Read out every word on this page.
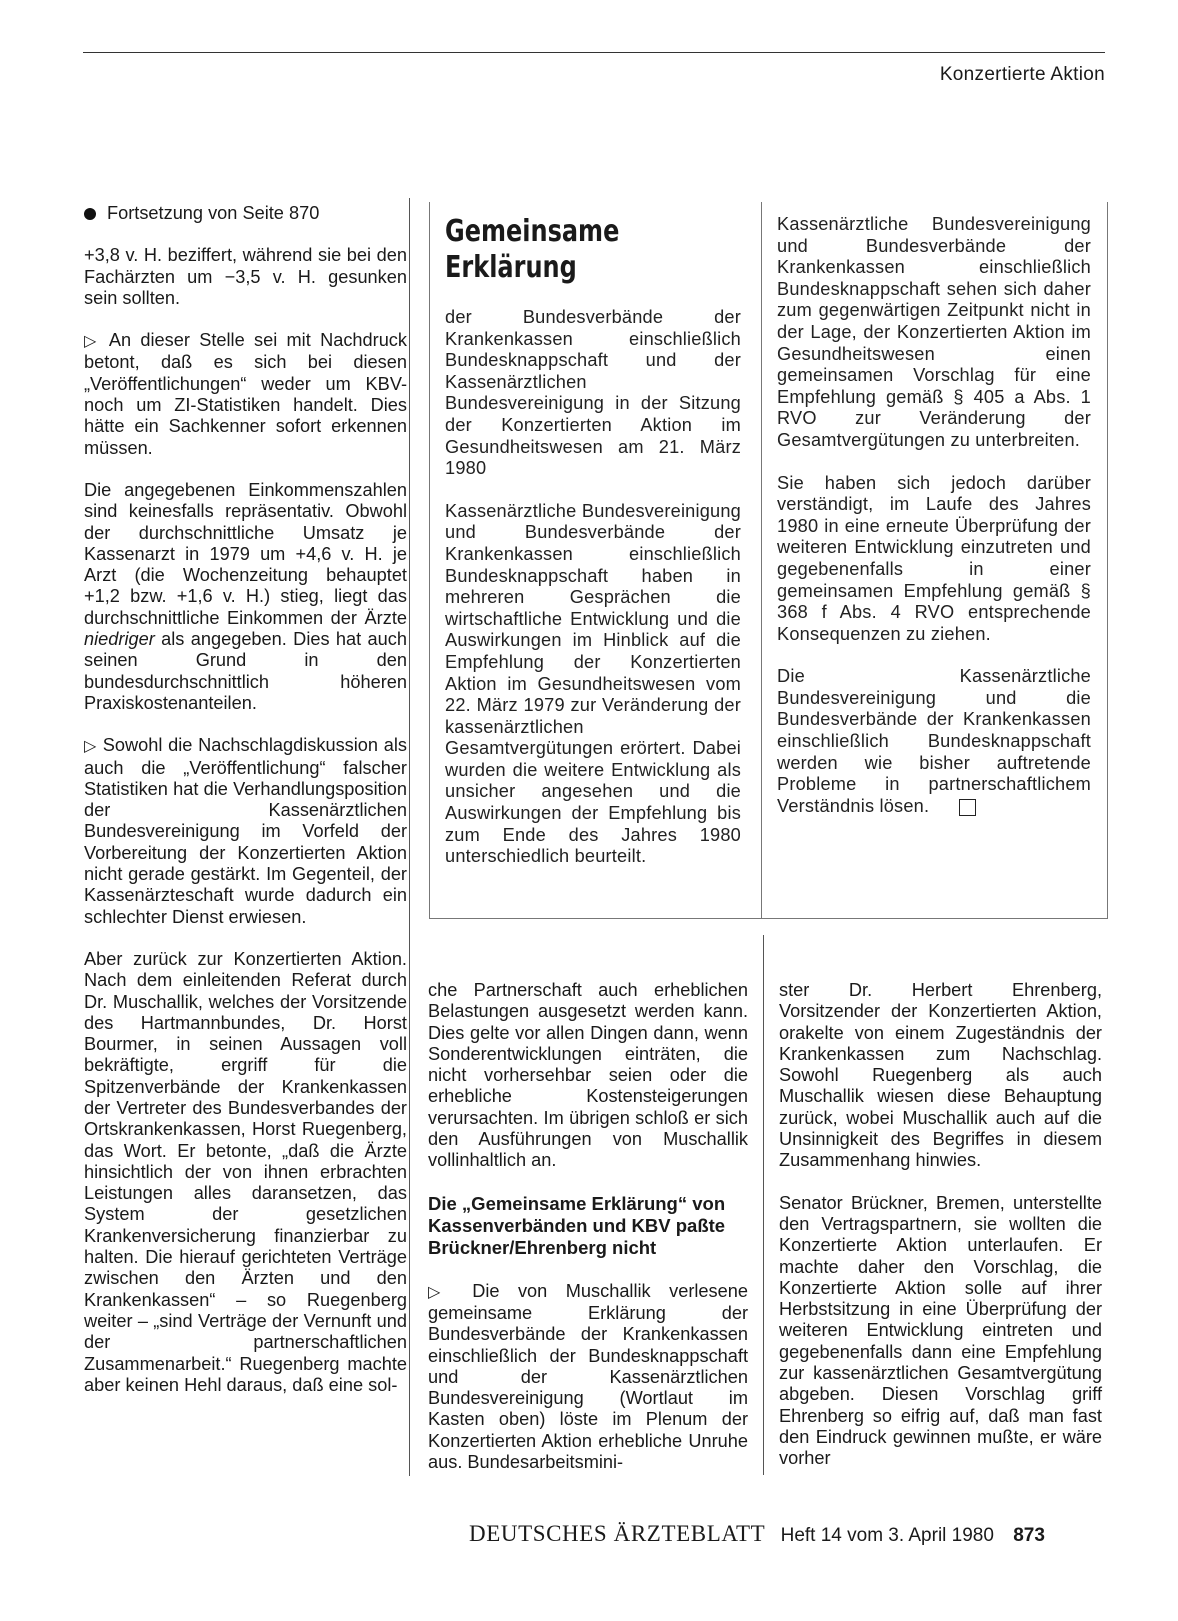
Konzertierte Aktion

Fortsetzung von Seite 870

+3,8 v. H. beziffert, während sie bei den Fachärzten um −3,5 v. H. gesunken sein sollten.

▷ An dieser Stelle sei mit Nachdruck betont, daß es sich bei diesen „Veröffentlichungen“ weder um KBV- noch um ZI-Statistiken handelt. Dies hätte ein Sachkenner sofort erkennen müssen.

Die angegebenen Einkommenszahlen sind keinesfalls repräsentativ. Obwohl der durchschnittliche Umsatz je Kassenarzt in 1979 um +4,6 v. H. je Arzt (die Wochenzeitung behauptet +1,2 bzw. +1,6 v. H.) stieg, liegt das durchschnittliche Einkommen der Ärzte niedriger als angegeben. Dies hat auch seinen Grund in den bundesdurchschnittlich höheren Praxiskostenanteilen.

▷ Sowohl die Nachschlagdiskussion als auch die „Veröffentlichung“ falscher Statistiken hat die Verhandlungsposition der Kassenärztlichen Bundesvereinigung im Vorfeld der Vorbereitung der Konzertierten Aktion nicht gerade gestärkt. Im Gegenteil, der Kassenärzteschaft wurde dadurch ein schlechter Dienst erwiesen.

Aber zurück zur Konzertierten Aktion. Nach dem einleitenden Referat durch Dr. Muschallik, welches der Vorsitzende des Hartmannbundes, Dr. Horst Bourmer, in seinen Aussagen voll bekräftigte, ergriff für die Spitzenverbände der Krankenkassen der Vertreter des Bundesverbandes der Ortskrankenkassen, Horst Ruegenberg, das Wort. Er betonte, „daß die Ärzte hinsichtlich der von ihnen erbrachten Leistungen alles daransetzen, das System der gesetzlichen Krankenversicherung finanzierbar zu halten. Die hierauf gerichteten Verträge zwischen den Ärzten und den Krankenkassen“ – so Ruegenberg weiter – „sind Verträge der Vernunft und der partnerschaftlichen Zusammenarbeit.“ Ruegenberg machte aber keinen Hehl daraus, daß eine sol-

Gemeinsame Erklärung

der Bundesverbände der Krankenkassen einschließlich Bundesknappschaft und der Kassenärztlichen Bundesvereinigung in der Sitzung der Konzertierten Aktion im Gesundheitswesen am 21. März 1980

Kassenärztliche Bundesvereinigung und Bundesverbände der Krankenkassen einschließlich Bundesknappschaft haben in mehreren Gesprächen die wirtschaftliche Entwicklung und die Auswirkungen im Hinblick auf die Empfehlung der Konzertierten Aktion im Gesundheitswesen vom 22. März 1979 zur Veränderung der kassenärztlichen Gesamtvergütungen erörtert. Dabei wurden die weitere Entwicklung als unsicher angesehen und die Auswirkungen der Empfehlung bis zum Ende des Jahres 1980 unterschiedlich beurteilt.

Kassenärztliche Bundesvereinigung und Bundesverbände der Krankenkassen einschließlich Bundesknappschaft sehen sich daher zum gegenwärtigen Zeitpunkt nicht in der Lage, der Konzertierten Aktion im Gesundheitswesen einen gemeinsamen Vorschlag für eine Empfehlung gemäß § 405 a Abs. 1 RVO zur Veränderung der Gesamtvergütungen zu unterbreiten.

Sie haben sich jedoch darüber verständigt, im Laufe des Jahres 1980 in eine erneute Überprüfung der weiteren Entwicklung einzutreten und gegebenenfalls in einer gemeinsamen Empfehlung gemäß § 368 f Abs. 4 RVO entsprechende Konsequenzen zu ziehen.

Die Kassenärztliche Bundesvereinigung und die Bundesverbände der Krankenkassen einschließlich Bundesknappschaft werden wie bisher auftretende Probleme in partnerschaftlichem Verständnis lösen.

che Partnerschaft auch erheblichen Belastungen ausgesetzt werden kann. Dies gelte vor allen Dingen dann, wenn Sonderentwicklungen einträten, die nicht vorhersehbar seien oder die erhebliche Kostensteigerungen verursachten. Im übrigen schloß er sich den Ausführungen von Muschallik vollinhaltlich an.

Die „Gemeinsame Erklärung“ von Kassenverbänden und KBV paßte Brückner/Ehrenberg nicht

▷ Die von Muschallik verlesene gemeinsame Erklärung der Bundesverbände der Krankenkassen einschließlich der Bundesknappschaft und der Kassenärztlichen Bundesvereinigung (Wortlaut im Kasten oben) löste im Plenum der Konzertierten Aktion erhebliche Unruhe aus. Bundesarbeitsmini-

ster Dr. Herbert Ehrenberg, Vorsitzender der Konzertierten Aktion, orakelte von einem Zugeständnis der Krankenkassen zum Nachschlag. Sowohl Ruegenberg als auch Muschallik wiesen diese Behauptung zurück, wobei Muschallik auch auf die Unsinnigkeit des Begriffes in diesem Zusammenhang hinwies.

Senator Brückner, Bremen, unterstellte den Vertragspartnern, sie wollten die Konzertierte Aktion unterlaufen. Er machte daher den Vorschlag, die Konzertierte Aktion solle auf ihrer Herbstsitzung in eine Überprüfung der weiteren Entwicklung eintreten und gegebenenfalls dann eine Empfehlung zur kassenärztlichen Gesamtvergütung abgeben. Diesen Vorschlag griff Ehrenberg so eifrig auf, daß man fast den Eindruck gewinnen mußte, er wäre vorher

DEUTSCHES ÄRZTEBLATT Heft 14 vom 3. April 1980 873
